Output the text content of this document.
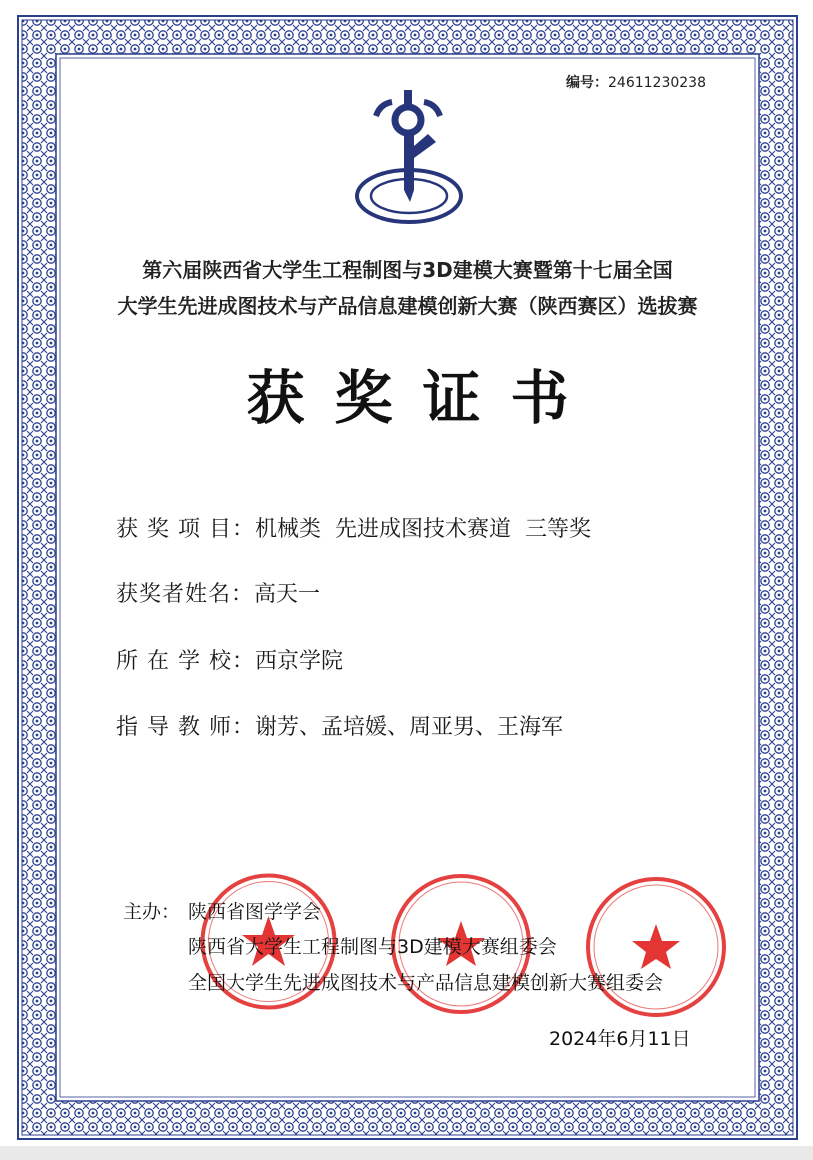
编号：24611230238
第六届陕西省大学生工程制图与3D建模大赛暨第十七届全国
大学生先进成图技术与产品信息建模创新大赛（陕西赛区）选拔赛
获奖证书
获 奖 项 目：机械类  先进成图技术赛道  三等奖
获奖者姓名：高天一
所 在 学 校：西京学院
指 导 教 师：谢芳、孟培媛、周亚男、王海军
主办： 陕西省图学学会
陕西省大学生工程制图与3D建模大赛组委会
全国大学生先进成图技术与产品信息建模创新大赛组委会
2024年6月11日
